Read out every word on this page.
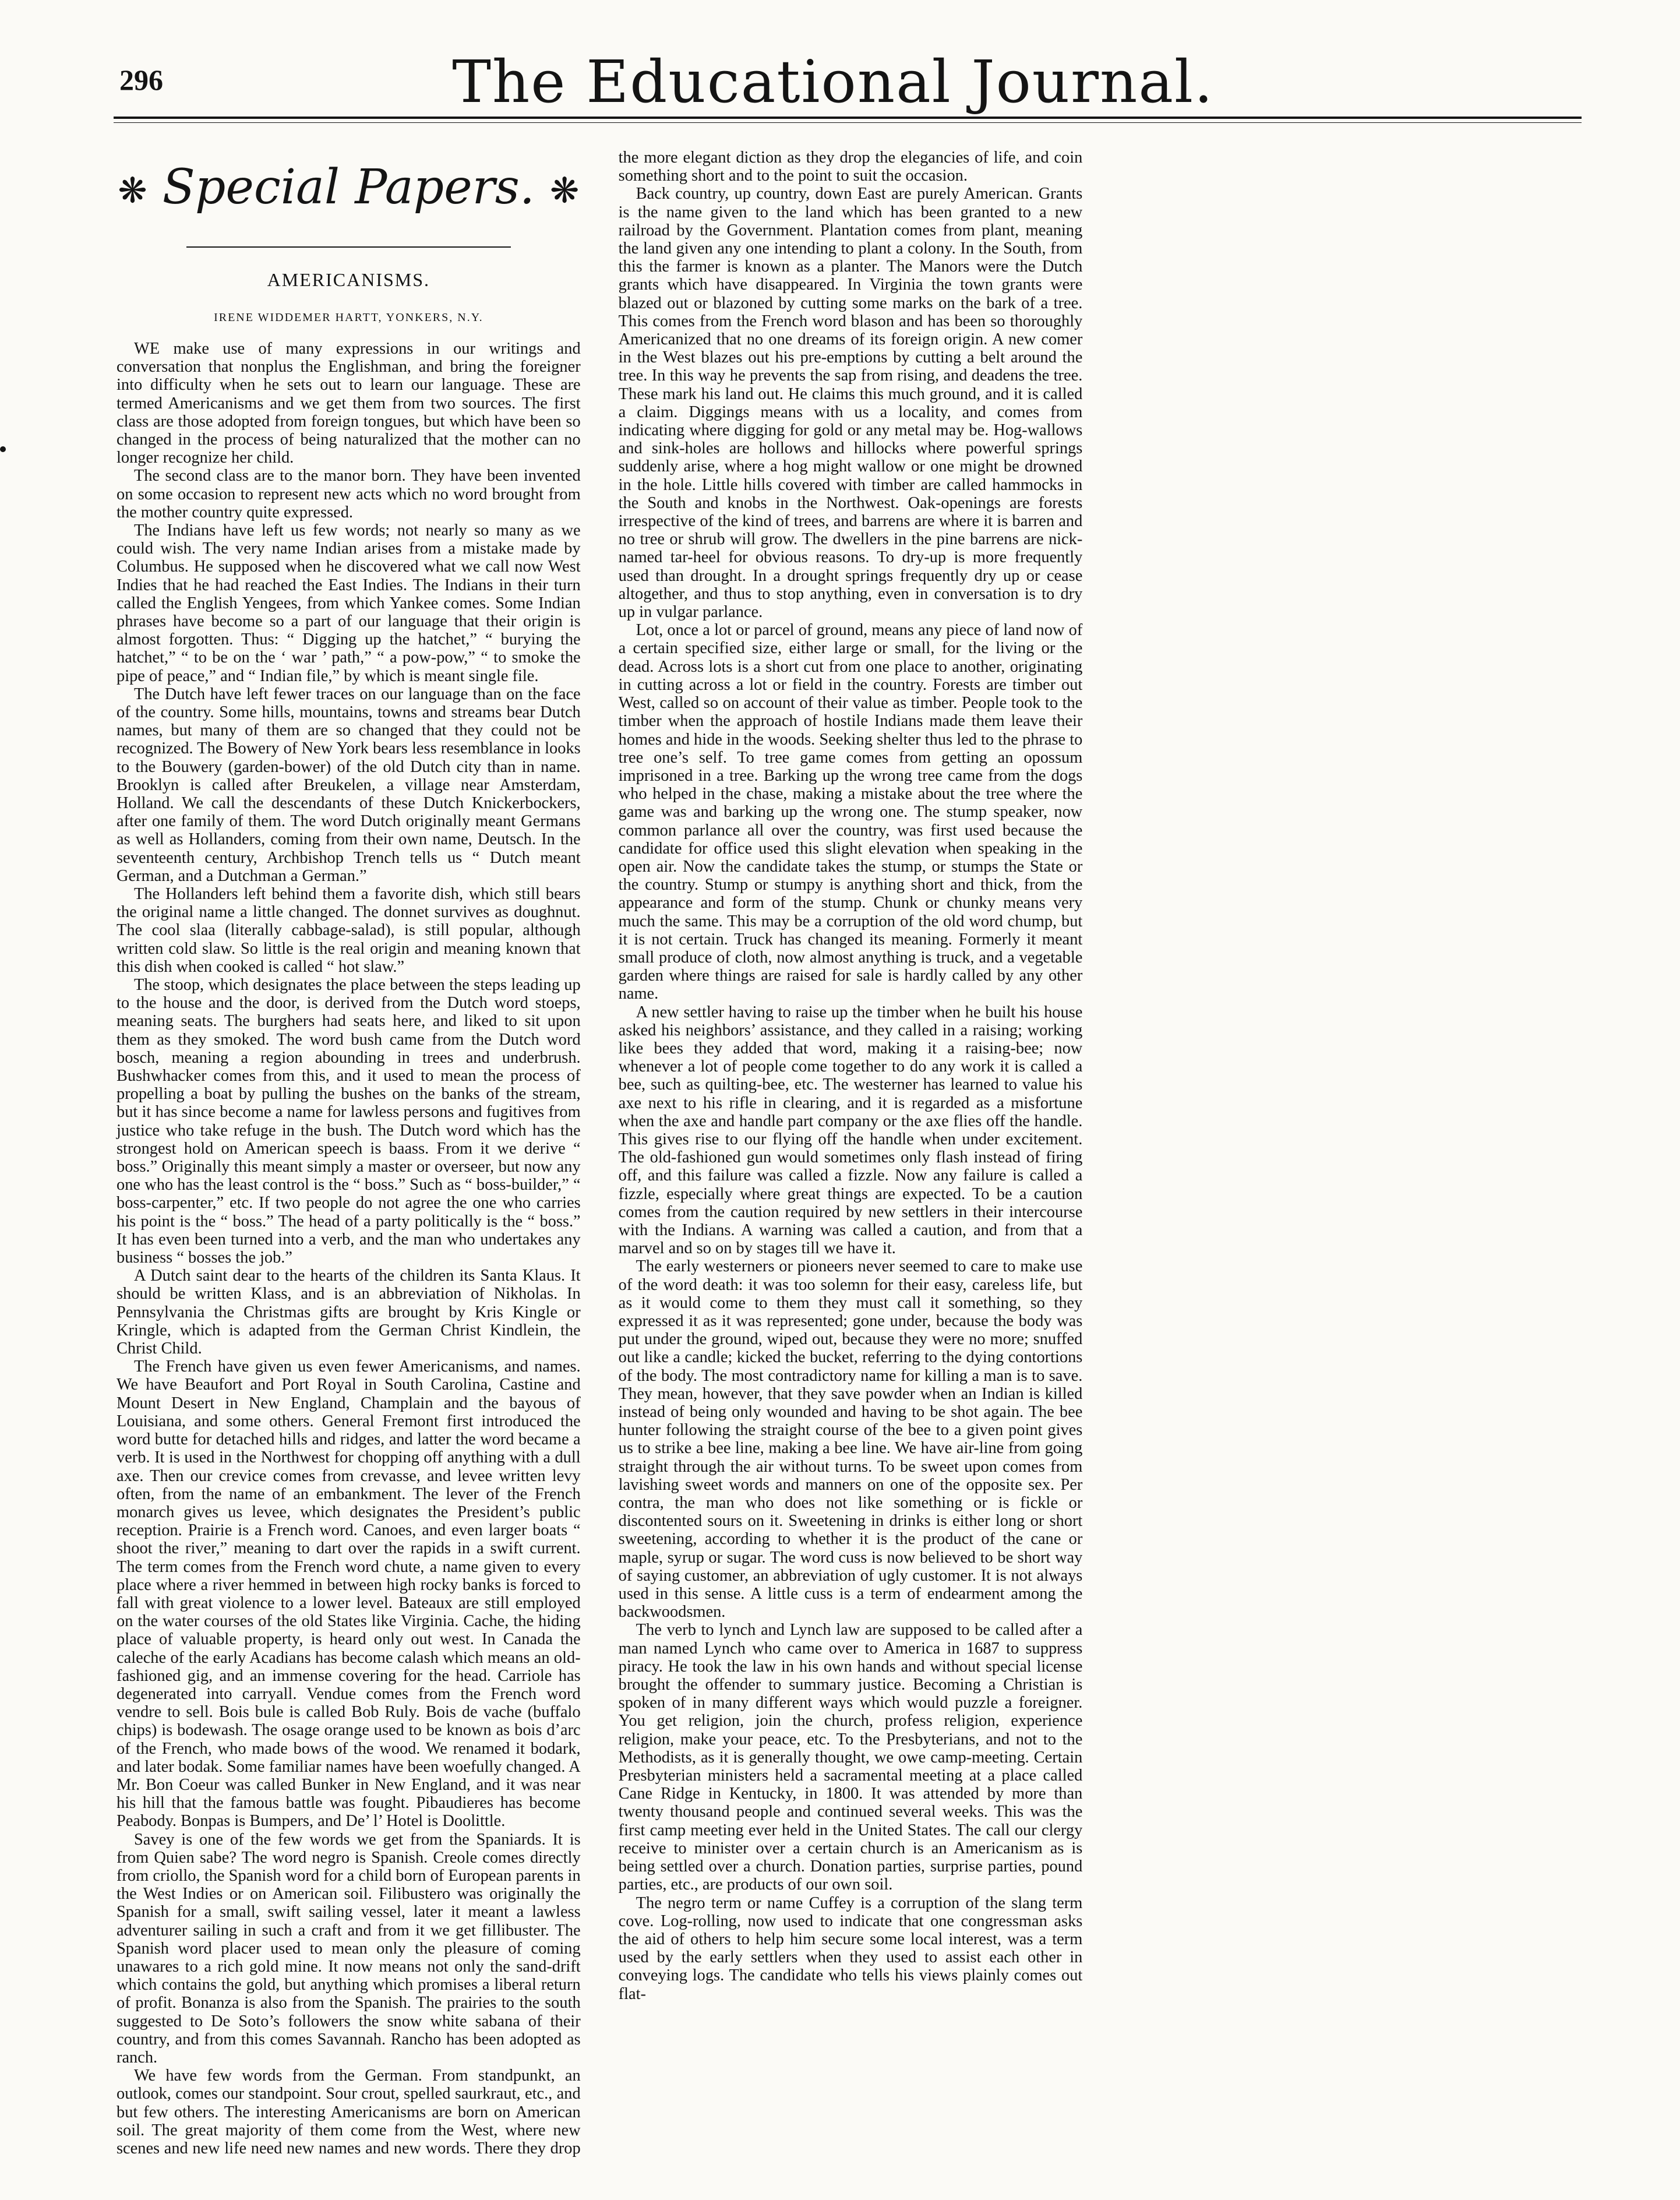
296	The Educational Journal.
❋ Special Papers. ❋
AMERICANISMS.
IRENE WIDDEMER HARTT, YONKERS, N.Y.

WE make use of many expressions in our writings and conversation that nonplus the Englishman, and bring the foreigner into difficulty when he sets out to learn our language. These are termed Americanisms and we get them from two sources. The first class are those adopted from foreign tongues, but which have been so changed in the process of being naturalized that the mother can no longer recognize her child.

The second class are to the manor born. They have been invented on some occasion to represent new acts which no word brought from the mother country quite expressed.

The Indians have left us few words; not nearly so many as we could wish. The very name Indian arises from a mistake made by Columbus. He supposed when he discovered what we call now West Indies that he had reached the East Indies. The Indians in their turn called the English Yengees, from which Yankee comes. Some Indian phrases have become so a part of our language that their origin is almost forgotten. Thus: “ Digging up the hatchet,” “ burying the hatchet,” “ to be on the ‘ war ’ path,” “ a pow-pow,” “ to smoke the pipe of peace,” and “ Indian file,” by which is meant single file.

The Dutch have left fewer traces on our language than on the face of the country. Some hills, mountains, towns and streams bear Dutch names, but many of them are so changed that they could not be recognized. The Bowery of New York bears less resemblance in looks to the Bouwery (garden-bower) of the old Dutch city than in name. Brooklyn is called after Breukelen, a village near Amsterdam, Holland. We call the descendants of these Dutch Knickerbockers, after one family of them. The word Dutch originally meant Germans as well as Hollanders, coming from their own name, Deutsch. In the seventeenth century, Archbishop Trench tells us “ Dutch meant German, and a Dutchman a German.”

The Hollanders left behind them a favorite dish, which still bears the original name a little changed. The donnet survives as doughnut. The cool slaa (literally cabbage-salad), is still popular, although written cold slaw. So little is the real origin and meaning known that this dish when cooked is called “ hot slaw.”

The stoop, which designates the place between the steps leading up to the house and the door, is derived from the Dutch word stoeps, meaning seats. The burghers had seats here, and liked to sit upon them as they smoked. The word bush came from the Dutch word bosch, meaning a region abounding in trees and underbrush. Bushwhacker comes from this, and it used to mean the process of propelling a boat by pulling the bushes on the banks of the stream, but it has since become a name for lawless persons and fugitives from justice who take refuge in the bush. The Dutch word which has the strongest hold on American speech is baass. From it we derive “ boss.” Originally this meant simply a master or overseer, but now any one who has the least control is the “ boss.” Such as “ boss-builder,” “ boss-carpenter,” etc. If two people do not agree the one who carries his point is the “ boss.” The head of a party politically is the “ boss.” It has even been turned into a verb, and the man who undertakes any business “ bosses the job.”

A Dutch saint dear to the hearts of the children its Santa Klaus. It should be written Klass, and is an abbreviation of Nikholas. In Pennsylvania the Christmas gifts are brought by Kris Kingle or Kringle, which is adapted from the German Christ Kindlein, the Christ Child.

The French have given us even fewer Americanisms, and names. We have Beaufort and Port Royal in South Carolina, Castine and Mount Desert in New England, Champlain and the bayous of Louisiana, and some others. General Fremont first introduced the word butte for detached hills and ridges, and latter the word became a verb. It is used in the Northwest for chopping off anything with a dull axe. Then our crevice comes from crevasse, and levee written levy often, from the name of an embankment. The lever of the French monarch gives us levee, which designates the President’s public reception. Prairie is a French word. Canoes, and even larger boats “ shoot the river,” meaning to dart over the rapids in a swift current. The term comes from the French word chute, a name given to every place where a river hemmed in between high rocky banks is forced to fall with great violence to a lower level. Bateaux are still employed on the water courses of the old States like Virginia. Cache, the hiding place of valuable property, is heard only out west. In Canada the caleche of the early Acadians has become calash which means an old-fashioned gig, and an immense covering for the head. Carriole has degenerated into carryall. Vendue comes from the French word vendre to sell. Bois bule is called Bob Ruly. Bois de vache (buffalo chips) is bodewash. The osage orange used to be known as bois d’arc of the French, who made bows of the wood. We renamed it bodark, and later bodak. Some familiar names have been woefully changed. A Mr. Bon Coeur was called Bunker in New England, and it was near his hill that the famous battle was fought. Pibaudieres has become Peabody. Bonpas is Bumpers, and De’ l’ Hotel is Doolittle.

Savey is one of the few words we get from the Spaniards. It is from Quien sabe? The word negro is Spanish. Creole comes directly from criollo, the Spanish word for a child born of European parents in the West Indies or on American soil. Filibustero was originally the Spanish for a small, swift sailing vessel, later it meant a lawless adventurer sailing in such a craft and from it we get fillibuster. The Spanish word placer used to mean only the pleasure of coming unawares to a rich gold mine. It now means not only the sand-drift which contains the gold, but anything which promises a liberal return of profit. Bonanza is also from the Spanish. The prairies to the south suggested to De Soto’s followers the snow white sabana of their country, and from this comes Savannah. Rancho has been adopted as ranch.

We have few words from the German. From standpunkt, an outlook, comes our standpoint. Sour crout, spelled saurkraut, etc., and but few others. The interesting Americanisms are born on American soil. The great majority of them come from the West, where new scenes and new life need new names and new words. There they drop the more elegant diction as they drop the elegancies of life, and coin something short and to the point to suit the occasion.

Back country, up country, down East are purely American. Grants is the name given to the land which has been granted to a new railroad by the Government. Plantation comes from plant, meaning the land given any one intending to plant a colony. In the South, from this the farmer is known as a planter. The Manors were the Dutch grants which have disappeared. In Virginia the town grants were blazed out or blazoned by cutting some marks on the bark of a tree. This comes from the French word blason and has been so thoroughly Americanized that no one dreams of its foreign origin. A new comer in the West blazes out his pre-emptions by cutting a belt around the tree. In this way he prevents the sap from rising, and deadens the tree. These mark his land out. He claims this much ground, and it is called a claim. Diggings means with us a locality, and comes from indicating where digging for gold or any metal may be. Hog-wallows and sink-holes are hollows and hillocks where powerful springs suddenly arise, where a hog might wallow or one might be drowned in the hole. Little hills covered with timber are called hammocks in the South and knobs in the Northwest. Oak-openings are forests irrespective of the kind of trees, and barrens are where it is barren and no tree or shrub will grow. The dwellers in the pine barrens are nick-named tar-heel for obvious reasons. To dry-up is more frequently used than drought. In a drought springs frequently dry up or cease altogether, and thus to stop anything, even in conversation is to dry up in vulgar parlance.

Lot, once a lot or parcel of ground, means any piece of land now of a certain specified size, either large or small, for the living or the dead. Across lots is a short cut from one place to another, originating in cutting across a lot or field in the country. Forests are timber out West, called so on account of their value as timber. People took to the timber when the approach of hostile Indians made them leave their homes and hide in the woods. Seeking shelter thus led to the phrase to tree one’s self. To tree game comes from getting an opossum imprisoned in a tree. Barking up the wrong tree came from the dogs who helped in the chase, making a mistake about the tree where the game was and barking up the wrong one. The stump speaker, now common parlance all over the country, was first used because the candidate for office used this slight elevation when speaking in the open air. Now the candidate takes the stump, or stumps the State or the country. Stump or stumpy is anything short and thick, from the appearance and form of the stump. Chunk or chunky means very much the same. This may be a corruption of the old word chump, but it is not certain. Truck has changed its meaning. Formerly it meant small produce of cloth, now almost anything is truck, and a vegetable garden where things are raised for sale is hardly called by any other name.

A new settler having to raise up the timber when he built his house asked his neighbors’ assistance, and they called in a raising; working like bees they added that word, making it a raising-bee; now whenever a lot of people come together to do any work it is called a bee, such as quilting-bee, etc. The westerner has learned to value his axe next to his rifle in clearing, and it is regarded as a misfortune when the axe and handle part company or the axe flies off the handle. This gives rise to our flying off the handle when under excitement. The old-fashioned gun would sometimes only flash instead of firing off, and this failure was called a fizzle. Now any failure is called a fizzle, especially where great things are expected. To be a caution comes from the caution required by new settlers in their intercourse with the Indians. A warning was called a caution, and from that a marvel and so on by stages till we have it.

The early westerners or pioneers never seemed to care to make use of the word death: it was too solemn for their easy, careless life, but as it would come to them they must call it something, so they expressed it as it was represented; gone under, because the body was put under the ground, wiped out, because they were no more; snuffed out like a candle; kicked the bucket, referring to the dying contortions of the body. The most contradictory name for killing a man is to save. They mean, however, that they save powder when an Indian is killed instead of being only wounded and having to be shot again. The bee hunter following the straight course of the bee to a given point gives us to strike a bee line, making a bee line. We have air-line from going straight through the air without turns. To be sweet upon comes from lavishing sweet words and manners on one of the opposite sex. Per contra, the man who does not like something or is fickle or discontented sours on it. Sweetening in drinks is either long or short sweetening, according to whether it is the product of the cane or maple, syrup or sugar. The word cuss is now believed to be short way of saying customer, an abbreviation of ugly customer. It is not always used in this sense. A little cuss is a term of endearment among the backwoodsmen.

The verb to lynch and Lynch law are supposed to be called after a man named Lynch who came over to America in 1687 to suppress piracy. He took the law in his own hands and without special license brought the offender to summary justice. Becoming a Christian is spoken of in many different ways which would puzzle a foreigner. You get religion, join the church, profess religion, experience religion, make your peace, etc. To the Presbyterians, and not to the Methodists, as it is generally thought, we owe camp-meeting. Certain Presbyterian ministers held a sacramental meeting at a place called Cane Ridge in Kentucky, in 1800. It was attended by more than twenty thousand people and continued several weeks. This was the first camp meeting ever held in the United States. The call our clergy receive to minister over a certain church is an Americanism as is being settled over a church. Donation parties, surprise parties, pound parties, etc., are products of our own soil.

The negro term or name Cuffey is a corruption of the slang term cove. Log-rolling, now used to indicate that one congressman asks the aid of others to help him secure some local interest, was a term used by the early settlers when they used to assist each other in conveying logs. The candidate who tells his views plainly comes out flat-
